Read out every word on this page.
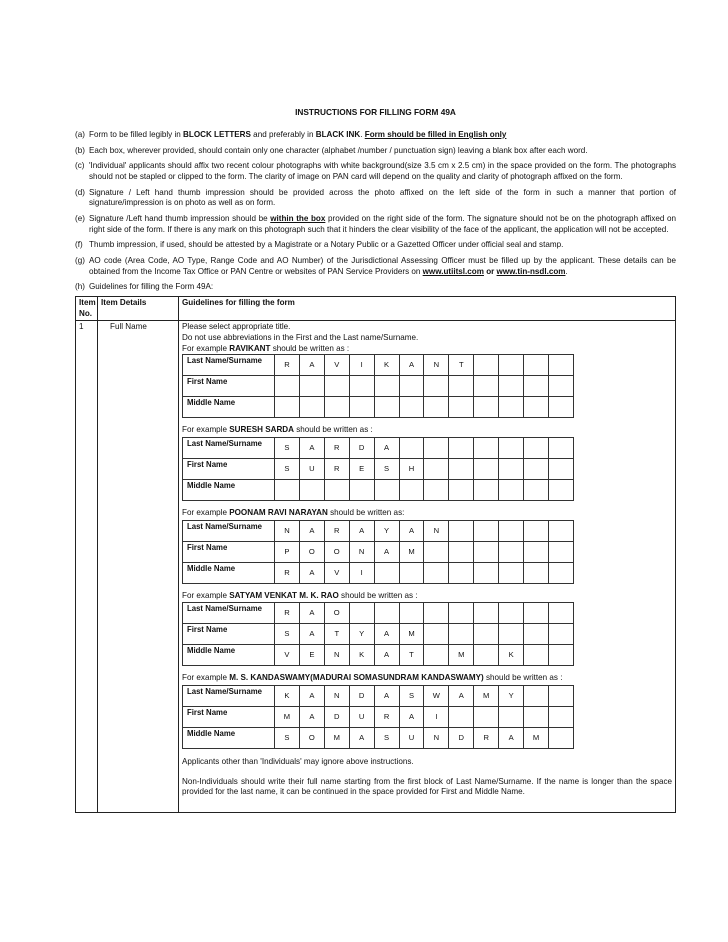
INSTRUCTIONS FOR FILLING FORM 49A
(a) Form to be filled legibly in BLOCK LETTERS and preferably in BLACK INK. Form should be filled in English only
(b) Each box, wherever provided, should contain only one character (alphabet /number / punctuation sign) leaving a blank box after each word.
(c) 'Individual' applicants should affix two recent colour photographs with white background(size 3.5 cm x 2.5 cm) in the space provided on the form. The photographs should not be stapled or clipped to the form. The clarity of image on PAN card will depend on the quality and clarity of photograph affixed on the form.
(d) Signature / Left hand thumb impression should be provided across the photo affixed on the left side of the form in such a manner that portion of signature/impression is on photo as well as on form.
(e) Signature /Left hand thumb impression should be within the box provided on the right side of the form. The signature should not be on the photograph affixed on right side of the form. If there is any mark on this photograph such that it hinders the clear visibility of the face of the applicant, the application will not be accepted.
(f) Thumb impression, if used, should be attested by a Magistrate or a Notary Public or a Gazetted Officer under official seal and stamp.
(g) AO code (Area Code, AO Type, Range Code and AO Number) of the Jurisdictional Assessing Officer must be filled up by the applicant. These details can be obtained from the Income Tax Office or PAN Centre or websites of PAN Service Providers on www.utiitsl.com or www.tin-nsdl.com.
(h) Guidelines for filling the Form 49A:
Item No.	Item Details	Guidelines for filling the form
1	Full Name	Please select appropriate title.
Do not use abbreviations in the First and the Last name/Surname.
For example RAVIKANT should be written as :
Last Name/Surname	R	A	V	I	K	A	N	T				
First Name												
Middle Name												
For example SURESH SARDA should be written as :
Last Name/Surname	S	A	R	D	A							
First Name	S	U	R	E	S	H						
Middle Name												
For example POONAM RAVI NARAYAN should be written as:
Last Name/Surname	N	A	R	A	Y	A	N					
First Name	P	O	O	N	A	M						
Middle Name	R	A	V	I								
For example SATYAM VENKAT M. K. RAO should be written as :
Last Name/Surname	R	A	O									
First Name	S	A	T	Y	A	M						
Middle Name	V	E	N	K	A	T		M		K		
For example M. S. KANDASWAMY(MADURAI SOMASUNDRAM KANDASWAMY) should be written as :
Last Name/Surname	K	A	N	D	A	S	W	A	M	Y		
First Name	M	A	D	U	R	A	I					
Middle Name	S	O	M	A	S	U	N	D	R	A	M	
Applicants other than 'Individuals' may ignore above instructions.
Non-Individuals should write their full name starting from the first block of Last Name/Surname. If the name is longer than the space provided for the last name, it can be continued in the space provided for First and Middle Name.
